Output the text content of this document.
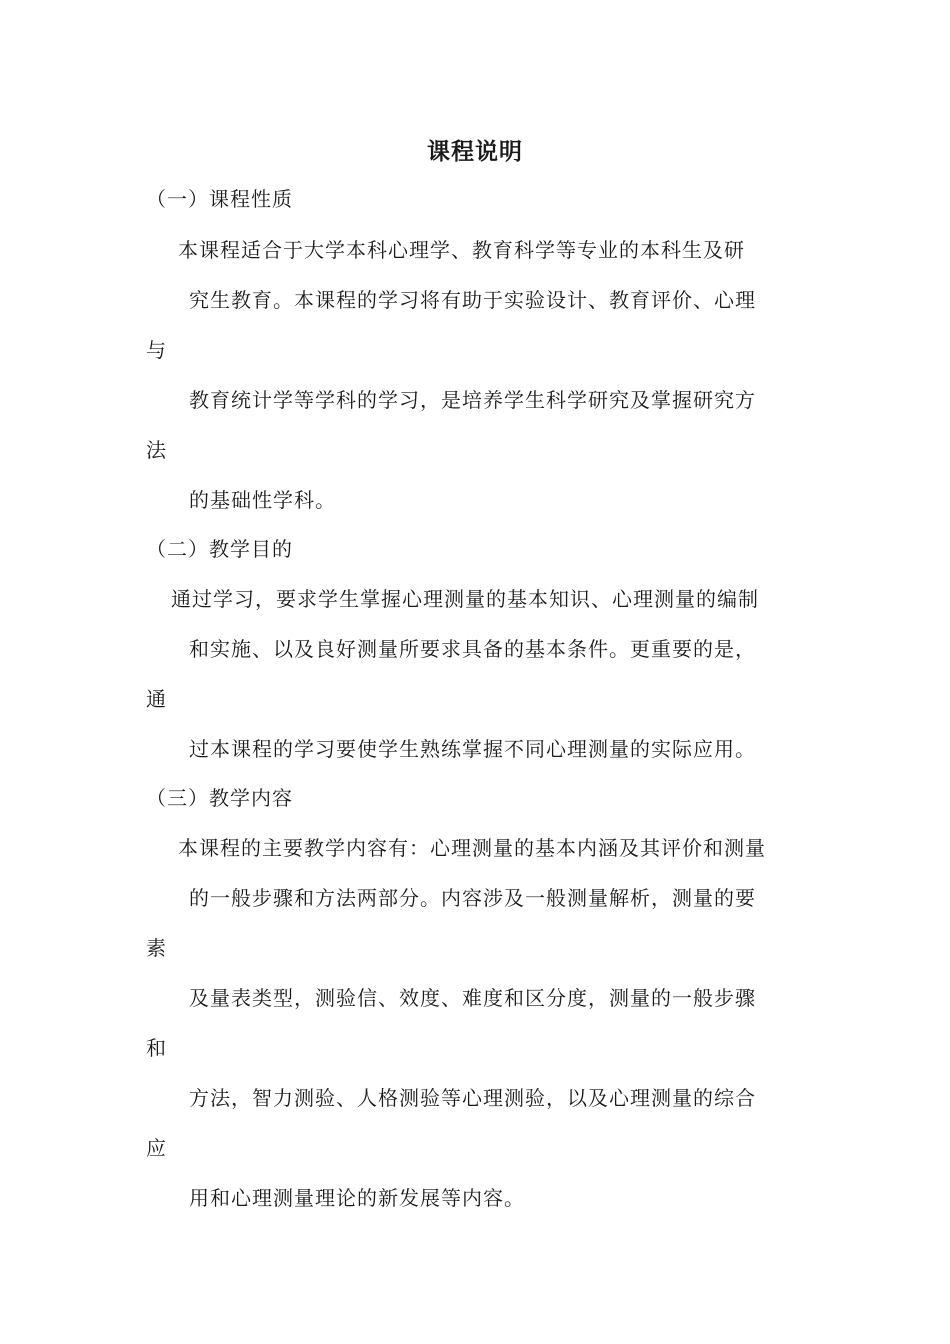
课程说明
（一）课程性质
本课程适合于大学本科心理学、教育科学等专业的本科生及研
究生教育。本课程的学习将有助于实验设计、教育评价、心理
与
教育统计学等学科的学习，是培养学生科学研究及掌握研究方
法
的基础性学科。
（二）教学目的
通过学习，要求学生掌握心理测量的基本知识、心理测量的编制
和实施、以及良好测量所要求具备的基本条件。更重要的是，
通
过本课程的学习要使学生熟练掌握不同心理测量的实际应用。
（三）教学内容
本课程的主要教学内容有：心理测量的基本内涵及其评价和测量
的一般步骤和方法两部分。内容涉及一般测量解析，测量的要
素
及量表类型，测验信、效度、难度和区分度，测量的一般步骤
和
方法，智力测验、人格测验等心理测验，以及心理测量的综合
应
用和心理测量理论的新发展等内容。
